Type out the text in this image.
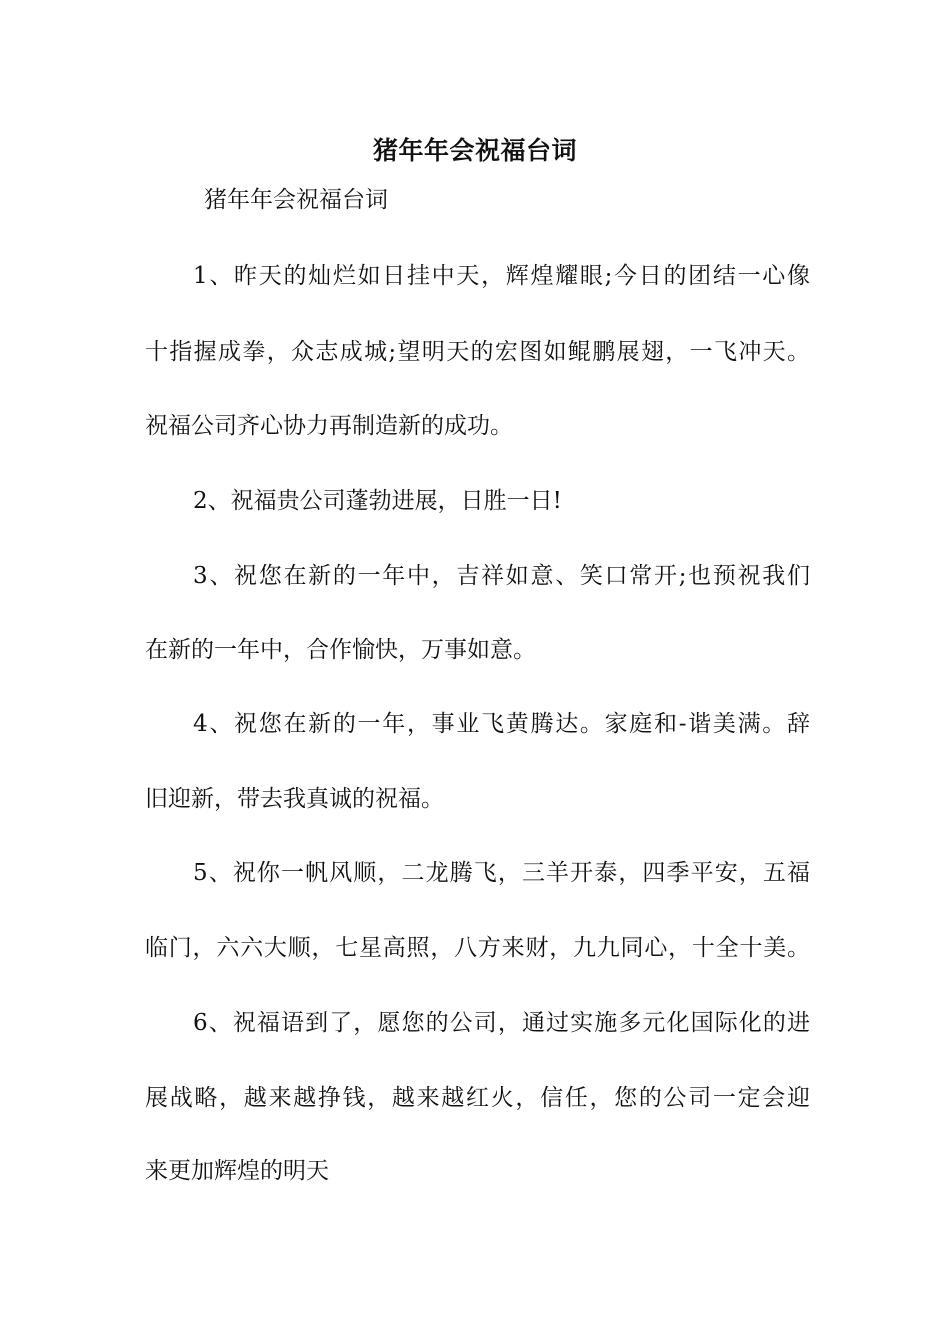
猪年年会祝福台词
猪年年会祝福台词
1、昨天的灿烂如日挂中天，辉煌耀眼;今日的团结一心像
十指握成拳，众志成城;望明天的宏图如鲲鹏展翅，一飞冲天。
祝福公司齐心协力再制造新的成功。
2、祝福贵公司蓬勃进展，日胜一日!
3、祝您在新的一年中，吉祥如意、笑口常开;也预祝我们
在新的一年中，合作愉快，万事如意。
4、祝您在新的一年，事业飞黄腾达。家庭和-谐美满。辞
旧迎新，带去我真诚的祝福。
5、祝你一帆风顺，二龙腾飞，三羊开泰，四季平安，五福
临门，六六大顺，七星高照，八方来财，九九同心，十全十美。
6、祝福语到了，愿您的公司，通过实施多元化国际化的进
展战略，越来越挣钱，越来越红火，信任，您的公司一定会迎
来更加辉煌的明天
